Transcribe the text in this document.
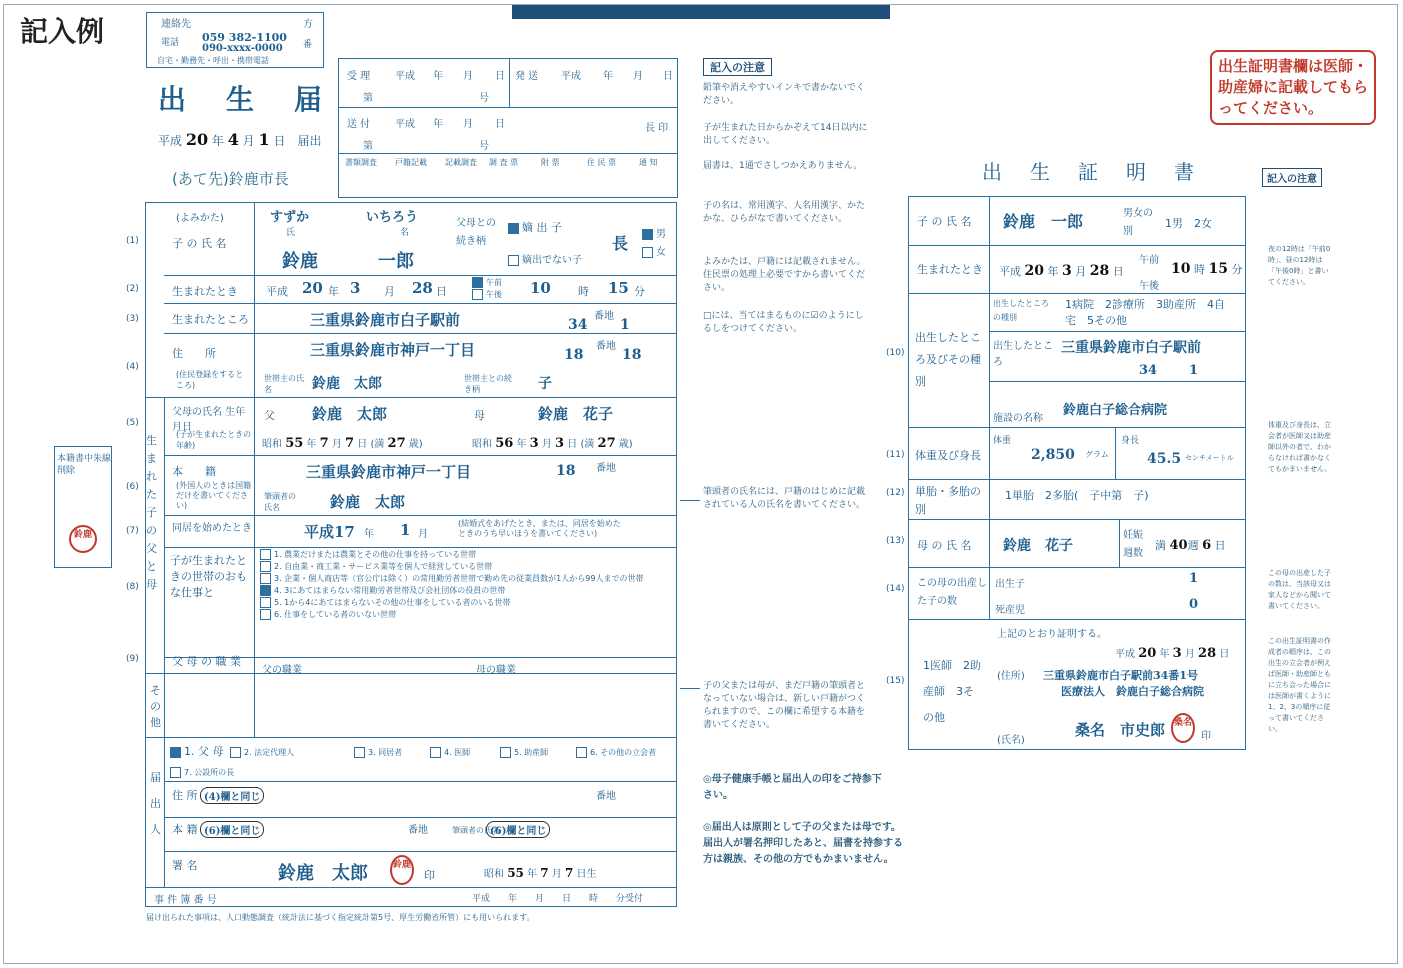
記入例	連絡先	方
電話 059 382-1100
090-xxxx-0000 番
自宅・勤務先・呼出・携帯電話
出　生　届
平成 20 年 4 月 1 日　届出
(あて先)鈴鹿市長
受 理 平成 年 月 日
第	号
発 送 平成 年 月 日
送 付 平成 年 月 日
第	号
長 印
書類調査 戸籍記載 記載調査 調 査 票	附 票	住 民 票	通 知
本籍書中朱線削除
鈴鹿
(よみかた)
子 の 氏 名
すずか	いちろう
氏	名
鈴鹿	一郎
父母との続き柄
嫡 出 子
嫡出でない子
長	男
女
生まれたとき	平成 20 年 3 月 28 日
午前
午後 10 時 15 分
生まれたところ	三重県鈴鹿市白子駅前	34
番地
1
住　　所
(住民登録をするところ)
三重県鈴鹿市神戸一丁目	18
番地
18
世帯主の氏名	鈴鹿　太郎	世帯主との続き柄	子
父母の氏名 生年月日
(子が生まれたときの年齢)
父 鈴鹿　太郎	母	鈴鹿　花子
昭和 55 年 7 月 7 日 (満 27 歳)	昭和 56 年 3 月 3 日 (満 27 歳)
本　　籍
(外国人のときは国籍だけを書いてください)
三重県鈴鹿市神戸一丁目	18 番地
筆頭者の氏名	鈴鹿　太郎
同居を始めたとき	平成17 年 1 月
(結婚式をあげたとき、または、同居を始めたときのうち早いほうを書いてください)
子が生まれたときの世帯のおもな仕事と
1. 農業だけまたは農業とその他の仕事を持っている世帯
2. 自由業・商工業・サービス業等を個人で経営している世帯
3. 企業・個人商店等（官公庁は除く）の常用勤労者世帯で勤め先の従業員数が1人から99人までの世帯
4. 3にあてはまらない常用勤労者世帯及び会社団体の役員の世帯
5. 1から4にあてはまらないその他の仕事をしている者のいる世帯
6. 仕事をしている者のいない世帯
父 母 の 職 業
父の職業	母の職業
その他
届出人
1. 父 母	2. 法定代理人	3. 同居者	4. 医師	5. 助産師	6. その他の立会者
7. 公設所の長
住 所 (4)欄と同じ	番地
本 籍 (6)欄と同じ	番地	筆頭者の氏名
(6)欄と同じ
署 名	鈴鹿　太郎	鈴鹿
印	昭和 55 年 7 月 7 日生
事 件 簿 番 号	平成　　年　　月　　日　　時　　分受付
届け出られた事項は、人口動態調査（統計法に基づく指定統計第5号、厚生労働省所管）にも用いられます。
(1)
(2)
(3)
(4)
(5)
(6)
(7)
(8)
(9)
生まれた子の父と母
記入の注意
鉛筆や消えやすいインキで書かないでください。
子が生まれた日からかぞえて14日以内に出してください。
届書は、1通でさしつかえありません。
子の名は、常用漢字、人名用漢字、かたかな、ひらがなで書いてください。
よみかたは、戸籍には記載されません。住民票の処理上必要ですから書いてください。
□には、当てはまるものに☑のようにしるしをつけてください。
筆頭者の氏名には、戸籍のはじめに記載されている人の氏名を書いてください。
子の父または母が、まだ戸籍の筆頭者となっていない場合は、新しい戸籍がつくられますので、この欄に希望する本籍を書いてください。
◎母子健康手帳と届出人の印をご持参下さい。
◎届出人は原則として子の父または母です。届出人が署名押印したあと、届書を持参する方は親族、その他の方でもかまいません。
出生証明書欄は医師・助産婦に記載してもらってください。
出　生　証　明　書	記入の注意
子 の 氏 名 鈴鹿　一郎	男女の別
1男　2女
生まれたとき 平成 20 年 3 月 28 日
午前
午後
10 時 15 分
出生したところ及びその種別
出生したところの種別
1病院　2診療所　3助産所　4自宅　5その他
出生したところ
三重県鈴鹿市白子駅前
34 1
施設の名称
鈴鹿白子総合病院
体重及び身長
体重
2,850 グラム
身長
45.5 センチメートル
単胎・多胎の別
1単胎　2多胎(　子中第　子)
母 の 氏 名 鈴鹿　花子
妊娠週数
満 40週 6 日
この母の出産した子の数
出生子	1
死産児	0
上記のとおり証明する。
平成 20 年 3 月 28 日
1医師　2助産師　3その他
(住所) 三重県鈴鹿市白子駅前34番1号
医療法人　鈴鹿白子総合病院
(氏名)
桑名　市史郎 桑名
印
(10)
(11)
(12)
(13)
(14)
(15)
夜の12時は「午前0時」、昼の12時は「午後0時」と書いてください。
体重及び身長は、立会者が医師又は助産師以外の者で、わからなければ書かなくてもかまいません。
この母の出産した子の数は、当該母又は家人などから聞いて書いてください。
この出生証明書の作成者の順序は、この出生の立会者が例えば医師・助産師ともに立ち会った場合には医師が書くように1、2、3の順序に従って書いてください。
